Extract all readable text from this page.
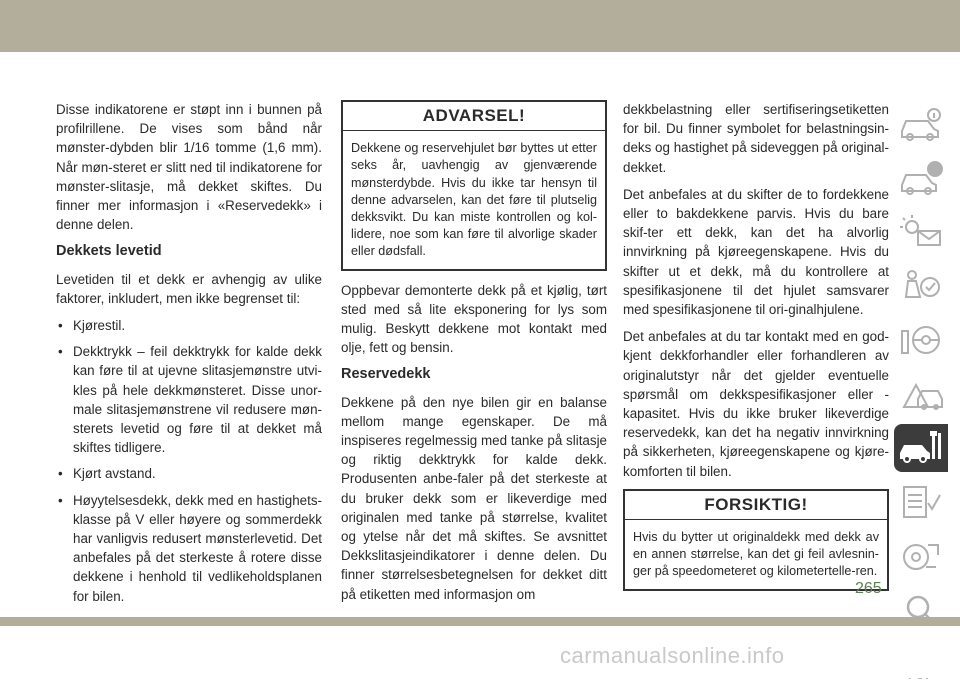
Disse indikatorene er støpt inn i bunnen på profilrillene. De vises som bånd når mønster-dybden blir 1/16 tomme (1,6 mm). Når møn-steret er slitt ned til indikatorene for mønster-slitasje, må dekket skiftes. Du finner mer informasjon i «Reservedekk» i denne delen.

Dekkets levetid

Levetiden til et dekk er avhengig av ulike faktorer, inkludert, men ikke begrenset til:

• Kjørestil.
• Dekktrykk – feil dekktrykk for kalde dekk kan føre til at ujevne slitasjemønstre utvi-kles på hele dekkmønsteret. Disse unor-male slitasjemønstrene vil redusere møn-sterets levetid og føre til at dekket må skiftes tidligere.
• Kjørt avstand.
• Høyytelsesdekk, dekk med en hastighets-klasse på V eller høyere og sommerdekk har vanligvis redusert mønsterlevetid. Det anbefales på det sterkeste å rotere disse dekkene i henhold til vedlikeholdsplanen for bilen.
ADVARSEL!
Dekkene og reservehjulet bør byttes ut etter seks år, uavhengig av gjenværende mønsterdybde. Hvis du ikke tar hensyn til denne advarselen, kan det føre til plutselig dekksvikt. Du kan miste kontrollen og kol-lidere, noe som kan føre til alvorlige skader eller dødsfall.

Oppbevar demonterte dekk på et kjølig, tørt sted med så lite eksponering for lys som mulig. Beskytt dekkene mot kontakt med olje, fett og bensin.

Reservedekk

Dekkene på den nye bilen gir en balanse mellom mange egenskaper. De må inspiseres regelmessig med tanke på slitasje og riktig dekktrykk for kalde dekk. Produsenten anbe-faler på det sterkeste at du bruker dekk som er likeverdige med originalen med tanke på størrelse, kvalitet og ytelse når det må skiftes. Se avsnittet Dekkslitasjeindikatorer i denne delen. Du finner størrelsesbetegnelsen for dekket ditt på etiketten med informasjon om

dekkbelastning eller sertifiseringsetiketten for bil. Du finner symbolet for belastningsin-deks og hastighet på sideveggen på original-dekket.

Det anbefales at du skifter de to fordekkene eller to bakdekkene parvis. Hvis du bare skif-ter ett dekk, kan det ha alvorlig innvirkning på kjøreegenskapene. Hvis du skifter ut et dekk, må du kontrollere at spesifikasjonene til det hjulet samsvarer med spesifikasjonene til ori-ginalhjulene.

Det anbefales at du tar kontakt med en god-kjent dekkforhandler eller forhandleren av originalutstyr når det gjelder eventuelle spørsmål om dekkspesifikasjoner eller -kapasitet. Hvis du ikke bruker likeverdige reservedekk, kan det ha negativ innvirkning på sikkerheten, kjøreegenskapene og kjøre-komforten til bilen.

FORSIKTIG!
Hvis du bytter ut originaldekk med dekk av en annen størrelse, kan det gi feil avlesnin-ger på speedometeret og kilometertelle-ren.
265
carmanualsonline.info
